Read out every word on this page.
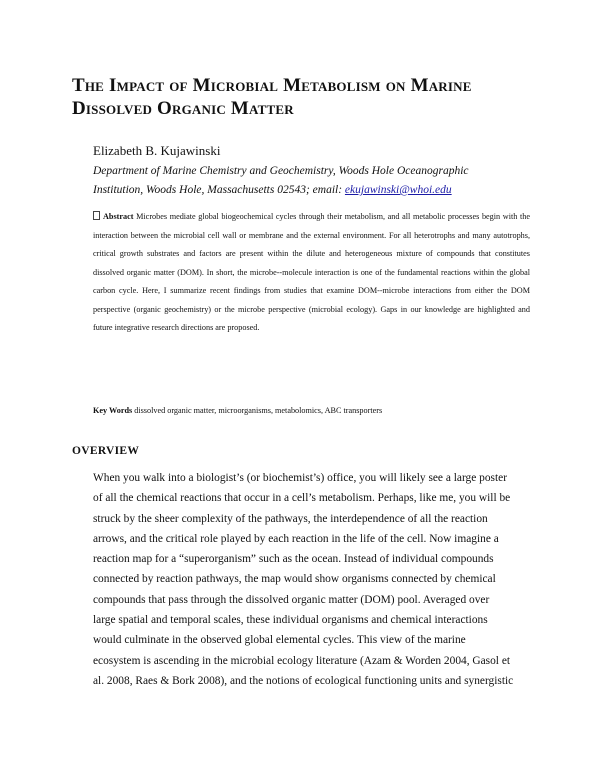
The Impact of Microbial Metabolism on Marine
Dissolved Organic Matter
Elizabeth B. Kujawinski
Department of Marine Chemistry and Geochemistry, Woods Hole Oceanographic
Institution, Woods Hole, Massachusetts 02543; email: ekujawinski@whoi.edu

Abstract Microbes mediate global biogeochemical cycles through their metabolism, and all metabolic processes begin with the interaction between the microbial cell wall or membrane and the external environment. For all heterotrophs and many autotrophs, critical growth substrates and factors are present within the dilute and heterogeneous mixture of compounds that constitutes dissolved organic matter (DOM). In short, the microbe--molecule interaction is one of the fundamental reactions within the global carbon cycle. Here, I summarize recent findings from studies that examine DOM--microbe interactions from either the DOM perspective (organic geochemistry) or the microbe perspective (microbial ecology). Gaps in our knowledge are highlighted and future integrative research directions are proposed.

Key Words dissolved organic matter, microorganisms, metabolomics, ABC transporters
OVERVIEW

When you walk into a biologist’s (or biochemist’s) office, you will likely see a large poster
of all the chemical reactions that occur in a cell’s metabolism. Perhaps, like me, you will be
struck by the sheer complexity of the pathways, the interdependence of all the reaction
arrows, and the critical role played by each reaction in the life of the cell. Now imagine a
reaction map for a “superorganism” such as the ocean. Instead of individual compounds
connected by reaction pathways, the map would show organisms connected by chemical
compounds that pass through the dissolved organic matter (DOM) pool. Averaged over
large spatial and temporal scales, these individual organisms and chemical interactions
would culminate in the observed global elemental cycles. This view of the marine
ecosystem is ascending in the microbial ecology literature (Azam & Worden 2004, Gasol et
al. 2008, Raes & Bork 2008), and the notions of ecological functioning units and synergistic
